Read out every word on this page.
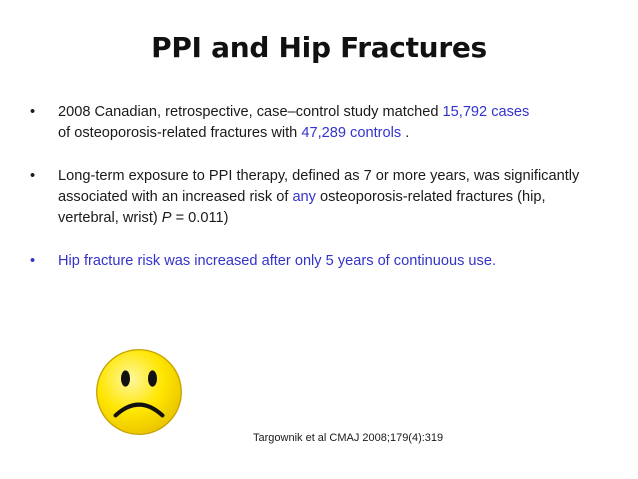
PPI and Hip Fractures
• 2008 Canadian, retrospective, case–control study matched 15,792 cases
of osteoporosis-related fractures with 47,289 controls .
• Long-term exposure to PPI therapy, defined as 7 or more years, was significantly associated with an increased risk of any osteoporosis-related fractures (hip, vertebral, wrist) P = 0.011)
• Hip fracture risk was increased after only 5 years of continuous use.
Targownik et al CMAJ 2008;179(4):319
